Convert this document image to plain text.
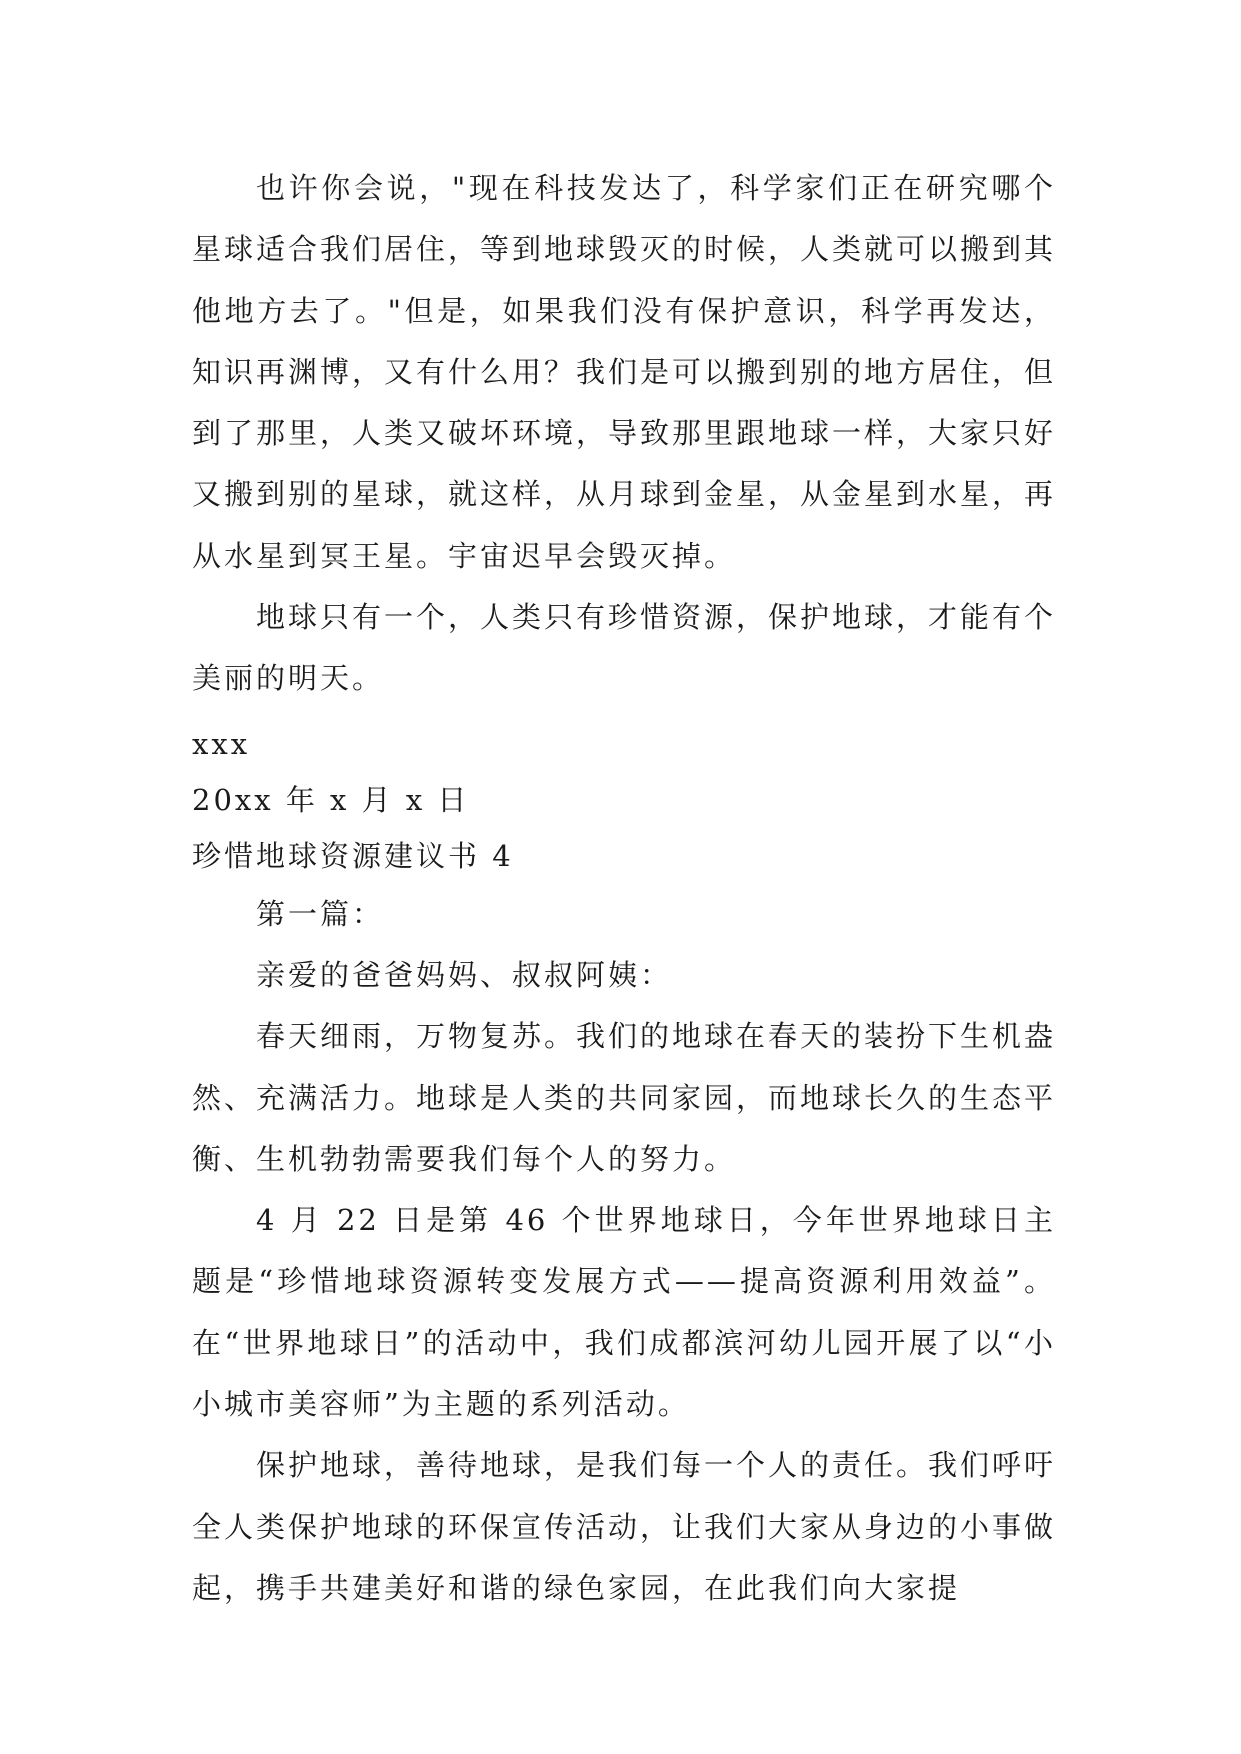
也许你会说，"现在科技发达了，科学家们正在研究哪个星球适合我们居住，等到地球毁灭的时候，人类就可以搬到其他地方去了。"但是，如果我们没有保护意识，科学再发达，知识再渊博，又有什么用？我们是可以搬到别的地方居住，但到了那里，人类又破坏环境，导致那里跟地球一样，大家只好又搬到别的星球，就这样，从月球到金星，从金星到水星，再从水星到冥王星。宇宙迟早会毁灭掉。

地球只有一个，人类只有珍惜资源，保护地球，才能有个美丽的明天。

xxx

20xx 年 x 月 x 日

珍惜地球资源建议书 4

第一篇：

亲爱的爸爸妈妈、叔叔阿姨：

春天细雨，万物复苏。我们的地球在春天的装扮下生机盎然、充满活力。地球是人类的共同家园，而地球长久的生态平衡、生机勃勃需要我们每个人的努力。

4 月 22 日是第 46 个世界地球日，今年世界地球日主题是“珍惜地球资源转变发展方式——提高资源利用效益”。在“世界地球日”的活动中，我们成都滨河幼儿园开展了以“小小城市美容师”为主题的系列活动。

保护地球，善待地球，是我们每一个人的责任。我们呼吁全人类保护地球的环保宣传活动，让我们大家从身边的小事做起，携手共建美好和谐的绿色家园，在此我们向大家提
